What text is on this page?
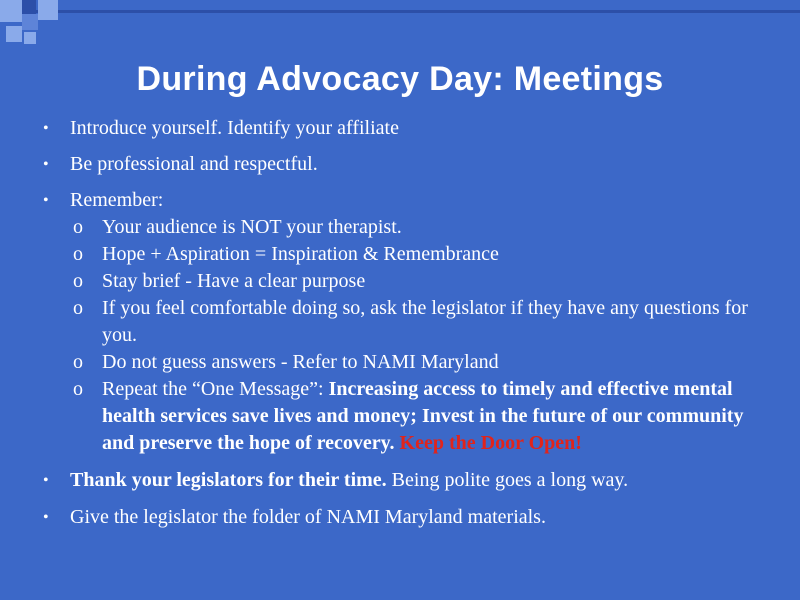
During Advocacy Day: Meetings
• Introduce yourself. Identify your affiliate
• Be professional and respectful.
• Remember:
o Your audience is NOT your therapist.
o Hope + Aspiration = Inspiration & Remembrance
o Stay brief - Have a clear purpose
o If you feel comfortable doing so, ask the legislator if they have any questions for you.
o Do not guess answers - Refer to NAMI Maryland
o Repeat the “One Message”: Increasing access to timely and effective mental health services save lives and money; Invest in the future of our community and preserve the hope of recovery. Keep the Door Open!
• Thank your legislators for their time. Being polite goes a long way.
• Give the legislator the folder of NAMI Maryland materials.
